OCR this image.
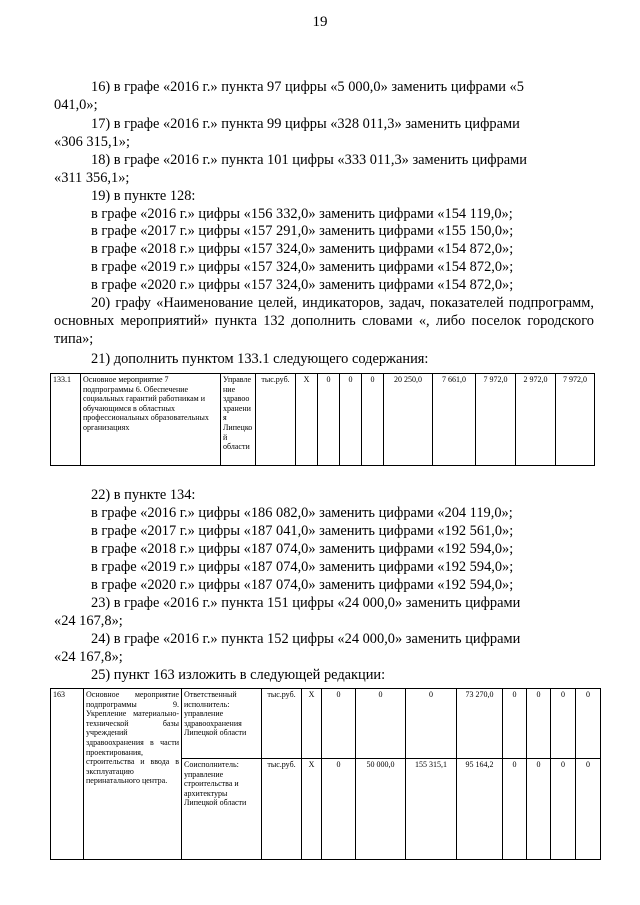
19
16) в графе «2016 г.» пункта 97 цифры «5 000,0» заменить цифрами «5
041,0»;
17) в графе «2016 г.» пункта 99 цифры «328 011,3» заменить цифрами
«306 315,1»;
18) в графе «2016 г.» пункта 101 цифры «333 011,3» заменить цифрами
«311 356,1»;
19) в пункте 128:
в графе «2016 г.» цифры «156 332,0» заменить цифрами «154 119,0»;
в графе «2017 г.» цифры «157 291,0» заменить цифрами «155 150,0»;
в графе «2018 г.» цифры «157 324,0» заменить цифрами «154 872,0»;
в графе «2019 г.» цифры «157 324,0» заменить цифрами «154 872,0»;
в графе «2020 г.» цифры «157 324,0» заменить цифрами «154 872,0»;
20) графу «Наименование целей, индикаторов, задач, показателей подпрограмм, основных мероприятий» пункта 132 дополнить словами «, либо поселок городского типа»;
21) дополнить пунктом 133.1 следующего содержания:
133.1	Основное мероприятие 7 подпрограммы 6. Обеспечение социальных гарантий работникам и обучающимся в областных профессиональных образовательных организациях	Управление здравоохранения Липецкой области	тыс.руб.	Х	0	0	0	20 250,0	7 661,0	7 972,0	2 972,0	7 972,0
22) в пункте 134:
в графе «2016 г.» цифры «186 082,0» заменить цифрами «204 119,0»;
в графе «2017 г.» цифры «187 041,0» заменить цифрами «192 561,0»;
в графе «2018 г.» цифры «187 074,0» заменить цифрами «192 594,0»;
в графе «2019 г.» цифры «187 074,0» заменить цифрами «192 594,0»;
в графе «2020 г.» цифры «187 074,0» заменить цифрами «192 594,0»;
23) в графе «2016 г.» пункта 151 цифры «24 000,0» заменить цифрами
«24 167,8»;
24) в графе «2016 г.» пункта 152 цифры «24 000,0» заменить цифрами
«24 167,8»;
25) пункт 163 изложить в следующей редакции:
163	Основное мероприятие подпрограммы 9. Укрепление материально-технической базы учреждений здравоохранения в части проектирования, строительства и ввода в эксплуатацию перинатального центра.	Ответственный исполнитель: управление здравоохранения Липецкой области	тыс.руб.	Х	0	0	0	73 270,0	0	0	0	0
		Соисполнитель: управление строительства и архитектуры Липецкой области	тыс.руб.	Х	0	50 000,0	155 315,1	95 164,2	0	0	0	0
